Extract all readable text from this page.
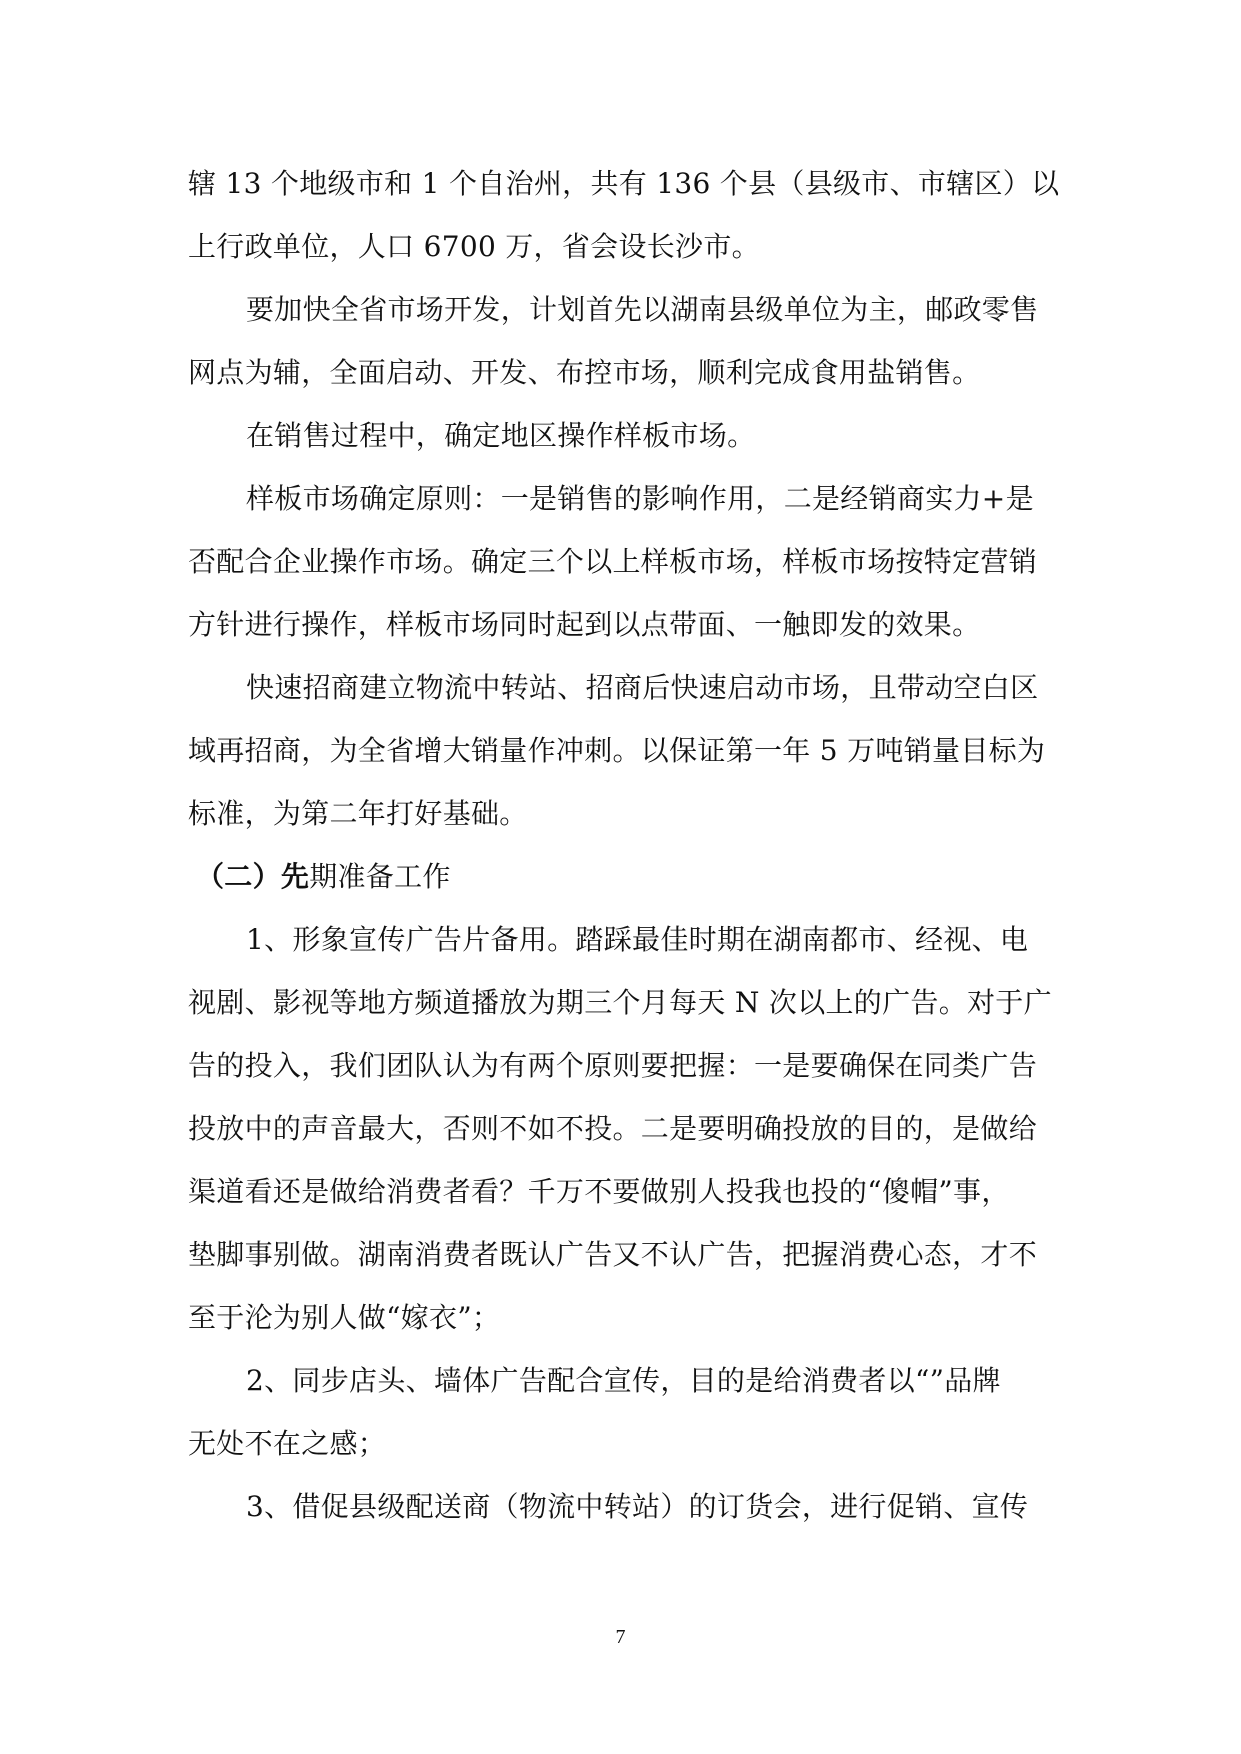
辖 13 个地级市和 1 个自治州，共有 136 个县（县级市、市辖区）以
上行政单位，人口 6700 万，省会设长沙市。
要加快全省市场开发，计划首先以湖南县级单位为主，邮政零售
网点为辅，全面启动、开发、布控市场，顺利完成食用盐销售。
在销售过程中，确定地区操作样板市场。
样板市场确定原则：一是销售的影响作用，二是经销商实力+是
否配合企业操作市场。确定三个以上样板市场，样板市场按特定营销
方针进行操作，样板市场同时起到以点带面、一触即发的效果。
快速招商建立物流中转站、招商后快速启动市场，且带动空白区
域再招商，为全省增大销量作冲刺。以保证第一年 5 万吨销量目标为
标准，为第二年打好基础。
（二）先期准备工作
1、形象宣传广告片备用。踏踩最佳时期在湖南都市、经视、电
视剧、影视等地方频道播放为期三个月每天 N 次以上的广告。对于广
告的投入，我们团队认为有两个原则要把握：一是要确保在同类广告
投放中的声音最大，否则不如不投。二是要明确投放的目的，是做给
渠道看还是做给消费者看？千万不要做别人投我也投的“傻帽”事，
垫脚事别做。湖南消费者既认广告又不认广告，把握消费心态，才不
至于沦为别人做“嫁衣”；
2、同步店头、墙体广告配合宣传，目的是给消费者以“”品牌
无处不在之感；
3、借促县级配送商（物流中转站）的订货会，进行促销、宣传
7
